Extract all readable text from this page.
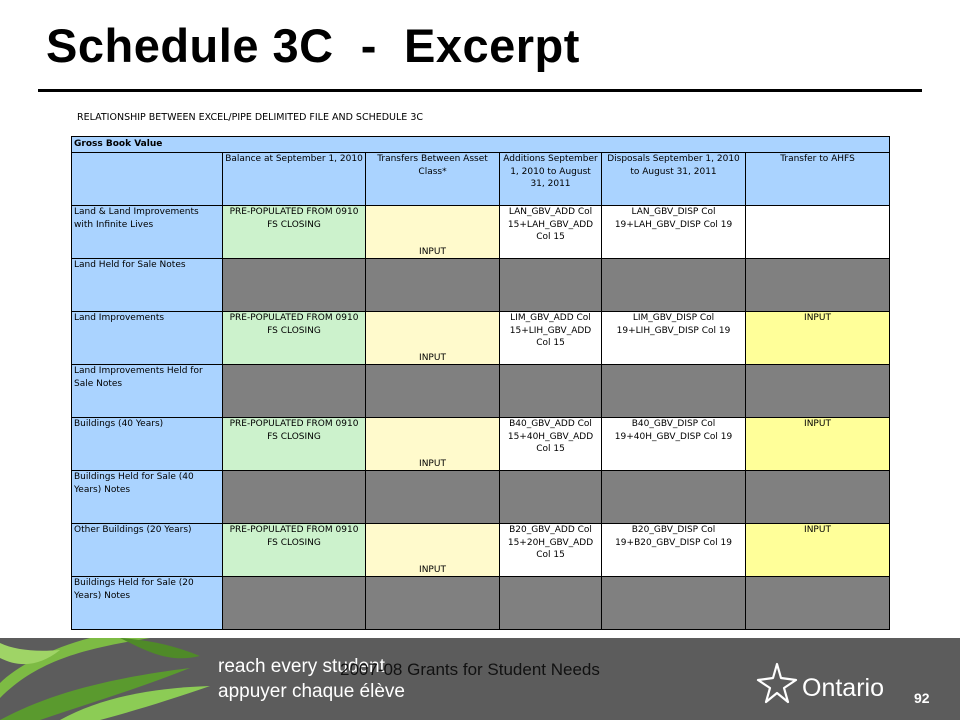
Schedule 3C  -  Excerpt
RELATIONSHIP BETWEEN EXCEL/PIPE DELIMITED FILE AND SCHEDULE 3C
Gross Book Value					
	Balance at September 1, 2010	Transfers Between Asset Class*	Additions September 1, 2010 to August 31, 2011	Disposals September 1, 2010 to August 31, 2011	Transfer to AHFS
Land & Land Improvements with Infinite Lives	PRE-POPULATED FROM 0910 FS CLOSING	INPUT	LAN_GBV_ADD Col 15+LAH_GBV_ADD Col 15	LAN_GBV_DISP Col 19+LAH_GBV_DISP Col 19	
Land Held for Sale Notes					
Land Improvements	PRE-POPULATED FROM 0910 FS CLOSING	INPUT	LIM_GBV_ADD Col 15+LIH_GBV_ADD Col 15	LIM_GBV_DISP Col 19+LIH_GBV_DISP Col 19	INPUT
Land Improvements Held for Sale Notes					
Buildings (40 Years)	PRE-POPULATED FROM 0910 FS CLOSING	INPUT	B40_GBV_ADD Col 15+40H_GBV_ADD Col 15	B40_GBV_DISP Col 19+40H_GBV_DISP Col 19	INPUT
Buildings Held for Sale (40 Years) Notes					
Other Buildings (20 Years)	PRE-POPULATED FROM 0910 FS CLOSING	INPUT	B20_GBV_ADD Col 15+20H_GBV_ADD Col 15	B20_GBV_DISP Col 19+B20_GBV_DISP Col 19	INPUT
Buildings Held for Sale (20 Years) Notes					
reach every student
appuyer chaque élève
2007-08 Grants for Student Needs
Ontario 92
